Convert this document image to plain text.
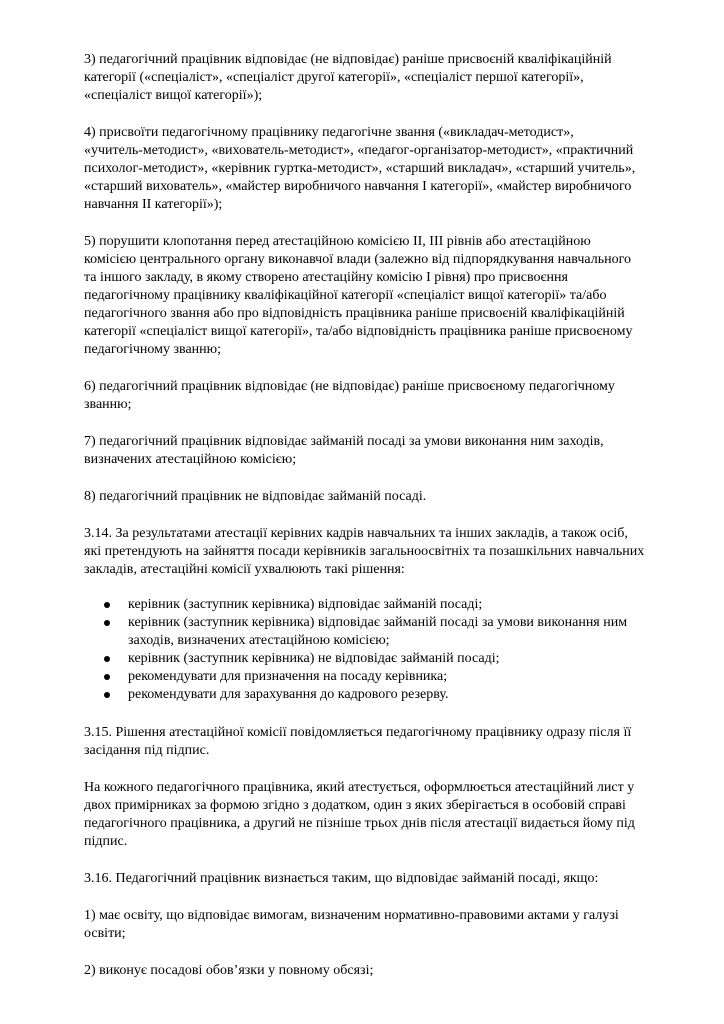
3) педагогічний працівник відповідає (не відповідає) раніше присвоєній кваліфікаційній
категорії («спеціаліст», «спеціаліст другої категорії», «спеціаліст першої категорії»,
«спеціаліст вищої категорії»);
4) присвоїти педагогічному працівнику педагогічне звання («викладач-методист»,
«учитель-методист», «вихователь-методист», «педагог-організатор-методист», «практичний
психолог-методист», «керівник гуртка-методист», «старший викладач», «старший учитель»,
«старший вихователь», «майстер виробничого навчання I категорії», «майстер виробничого
навчання II категорії»);
5) порушити клопотання перед атестаційною комісією II, III рівнів або атестаційною
комісією центрального органу виконавчої влади (залежно від підпорядкування навчального
та іншого закладу, в якому створено атестаційну комісію I рівня) про присвоєння
педагогічному працівнику кваліфікаційної категорії «спеціаліст вищої категорії» та/або
педагогічного звання або про відповідність працівника раніше присвоєній кваліфікаційній
категорії «спеціаліст вищої категорії», та/або відповідність працівника раніше присвоєному
педагогічному званню;
6) педагогічний працівник відповідає (не відповідає) раніше присвоєному педагогічному
званню;
7) педагогічний працівник відповідає займаній посаді за умови виконання ним заходів,
визначених атестаційною комісією;
8) педагогічний працівник не відповідає займаній посаді.
3.14. За результатами атестації керівних кадрів навчальних та інших закладів, а також осіб,
які претендують на зайняття посади керівників загальноосвітніх та позашкільних навчальних
закладів, атестаційні комісії ухвалюють такі рішення:
керівник (заступник керівника) відповідає займаній посаді;
керівник (заступник керівника) відповідає займаній посаді за умови виконання ним
заходів, визначених атестаційною комісією;
керівник (заступник керівника) не відповідає займаній посаді;
рекомендувати для призначення на посаду керівника;
рекомендувати для зарахування до кадрового резерву.
3.15. Рішення атестаційної комісії повідомляється педагогічному працівнику одразу після її
засідання під підпис.
На кожного педагогічного працівника, який атестується, оформлюється атестаційний лист у
двох примірниках за формою згідно з додатком, один з яких зберігається в особовій справі
педагогічного працівника, а другий не пізніше трьох днів після атестації видається йому під
підпис.
3.16. Педагогічний працівник визнається таким, що відповідає займаній посаді, якщо:
1) має освіту, що відповідає вимогам, визначеним нормативно-правовими актами у галузі
освіти;
2) виконує посадові обов’язки у повному обсязі;
